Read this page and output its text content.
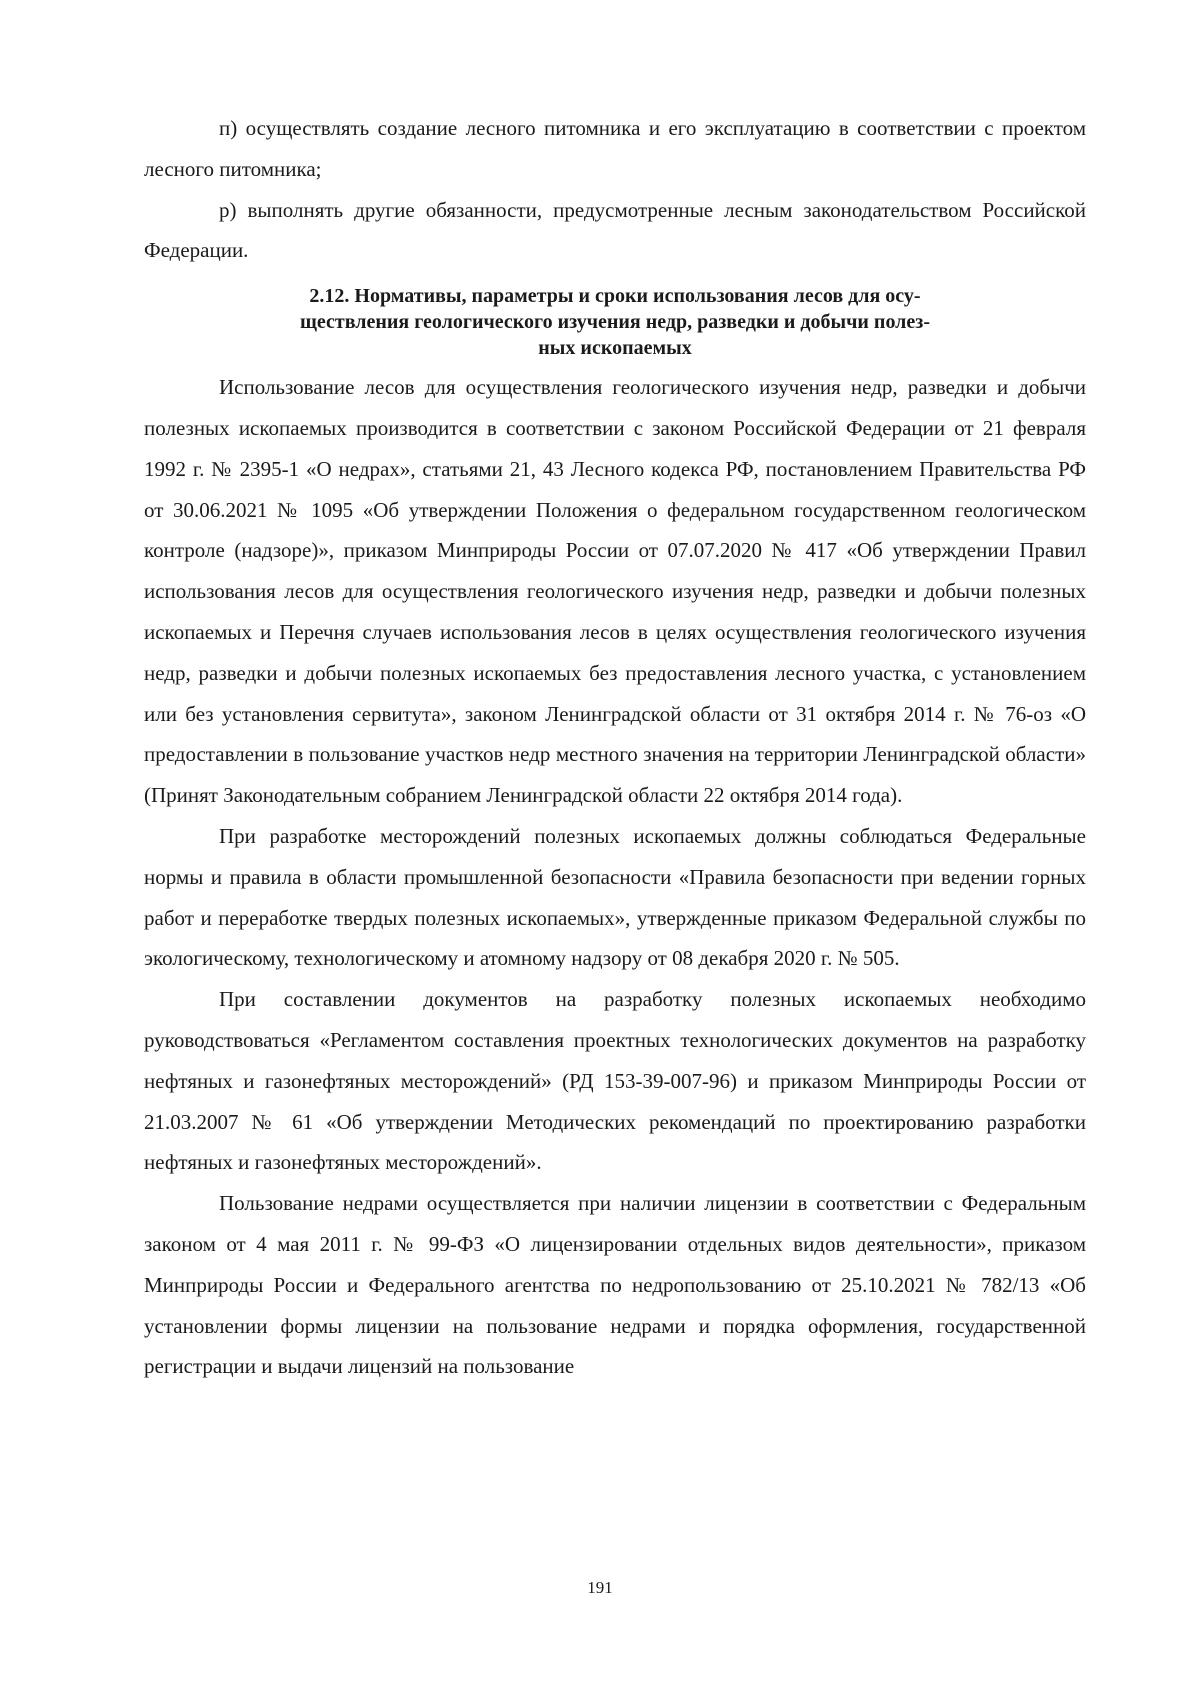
п) осуществлять создание лесного питомника и его эксплуатацию в соответствии с проектом лесного питомника;

р) выполнять другие обязанности, предусмотренные лесным законодательством Российской Федерации.

2.12. Нормативы, параметры и сроки использования лесов для осу-
ществления геологического изучения недр, разведки и добычи полез-
ных ископаемых

Использование лесов для осуществления геологического изучения недр, разведки и добычи полезных ископаемых производится в соответствии с законом Российской Федерации от 21 февраля 1992 г. № 2395-1 «О недрах», статьями 21, 43 Лесного кодекса РФ, постановлением Правительства РФ от 30.06.2021 № 1095 «Об утверждении Положения о федеральном государственном геологическом контроле (надзоре)», приказом Минприроды России от 07.07.2020 № 417 «Об утверждении Правил использования лесов для осуществления геологического изучения недр, разведки и добычи полезных ископаемых и Перечня случаев использования лесов в целях осуществления геологического изучения недр, разведки и добычи полезных ископаемых без предоставления лесного участка, с установлением или без установления сервитута», законом Ленинградской области от 31 октября 2014 г. № 76-оз «О предоставлении в пользование участков недр местного значения на территории Ленинградской области» (Принят Законодательным собранием Ленинградской области 22 октября 2014 года).

При разработке месторождений полезных ископаемых должны соблюдаться Федеральные нормы и правила в области промышленной безопасности «Правила безопасности при ведении горных работ и переработке твердых полезных ископаемых», утвержденные приказом Федеральной службы по экологическому, технологическому и атомному надзору от 08 декабря 2020 г. № 505.

При составлении документов на разработку полезных ископаемых необходимо руководствоваться «Регламентом составления проектных технологических документов на разработку нефтяных и газонефтяных месторождений» (РД 153-39-007-96) и приказом Минприроды России от 21.03.2007 № 61 «Об утверждении Методических рекомендаций по проектированию разработки нефтяных и газонефтяных месторождений».

Пользование недрами осуществляется при наличии лицензии в соответствии с Федеральным законом от 4 мая 2011 г. № 99-ФЗ «О лицензировании отдельных видов деятельности», приказом Минприроды России и Федерального агентства по недропользованию от 25.10.2021 № 782/13 «Об установлении формы лицензии на пользование недрами и порядка оформления, государственной регистрации и выдачи лицензий на пользование

191
